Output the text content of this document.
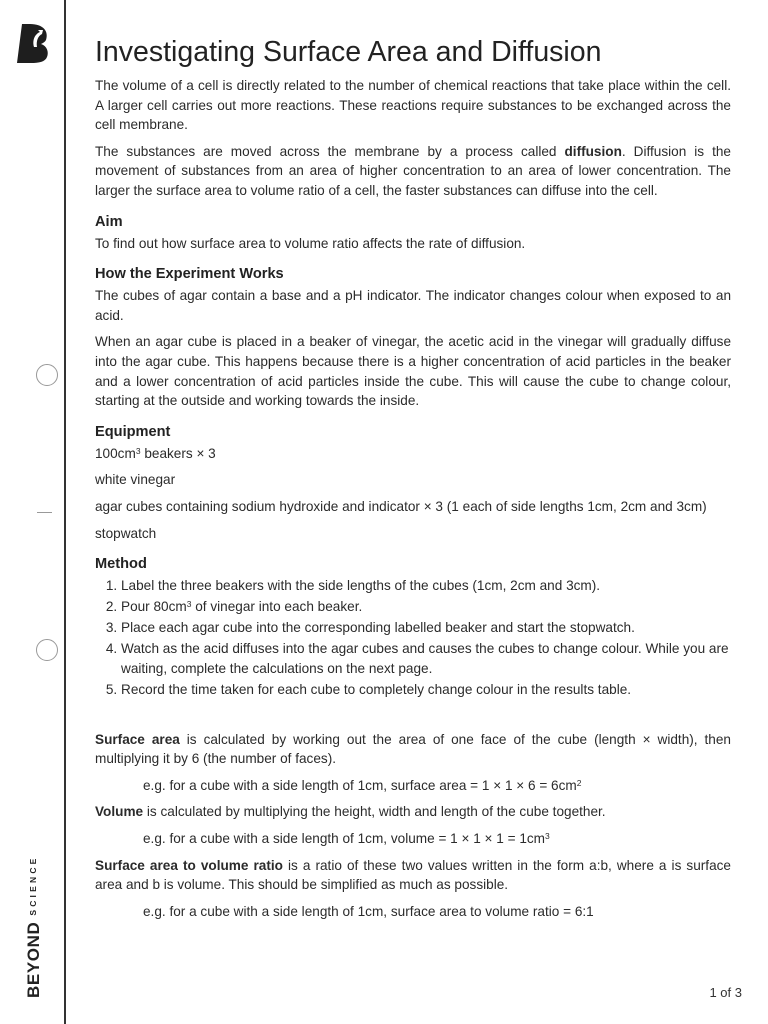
BEYONDSCIENCE
Investigating Surface Area and Diffusion

The volume of a cell is directly related to the number of chemical reactions that take place within the cell. A larger cell carries out more reactions. These reactions require substances to be exchanged across the cell membrane.

The substances are moved across the membrane by a process called diffusion. Diffusion is the movement of substances from an area of higher concentration to an area of lower concentration. The larger the surface area to volume ratio of a cell, the faster substances can diffuse into the cell.

Aim

To find out how surface area to volume ratio affects the rate of diffusion.

How the Experiment Works

The cubes of agar contain a base and a pH indicator. The indicator changes colour when exposed to an acid.

When an agar cube is placed in a beaker of vinegar, the acetic acid in the vinegar will gradually diffuse into the agar cube. This happens because there is a higher concentration of acid particles in the beaker and a lower concentration of acid particles inside the cube. This will cause the cube to change colour, starting at the outside and working towards the inside.

Equipment

$100cm^3$ beakers × 3

white vinegar

agar cubes containing sodium hydroxide and indicator × 3 (1 each of side lengths 1cm, 2cm and 3cm)

stopwatch

Method
1. Label the three beakers with the side lengths of the cubes (1cm, 2cm and 3cm).
2. Pour $80cm^3$ of vinegar into each beaker.
3. Place each agar cube into the corresponding labelled beaker and start the stopwatch.
4. Watch as the acid diffuses into the agar cubes and causes the cubes to change colour. While you are waiting, complete the calculations on the next page.
5. Record the time taken for each cube to completely change colour in the results table.

Surface area is calculated by working out the area of one face of the cube (length × width), then multiplying it by 6 (the number of faces).

e.g. for a cube with a side length of 1cm, surface area = $1 \times 1 \times 6 = 6cm^2$

Volume is calculated by multiplying the height, width and length of the cube together.

e.g. for a cube with a side length of 1cm, volume = $1 \times 1 \times 1 = 1cm^3$

Surface area to volume ratio is a ratio of these two values written in the form a:b, where a is surface area and b is volume. This should be simplified as much as possible.

e.g. for a cube with a side length of 1cm, surface area to volume ratio = 6:1

1 of 3
